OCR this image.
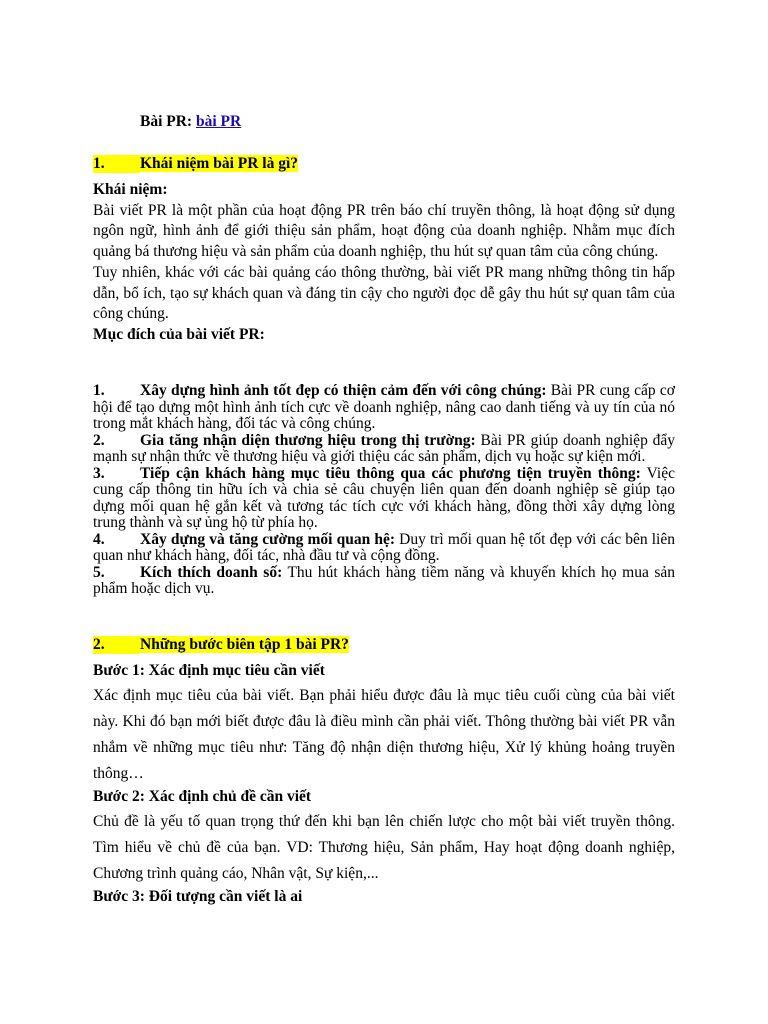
Bài PR: bài PR
1. Khái niệm bài PR là gì?

Khái niệm:

Bài viết PR là một phần của hoạt động PR trên báo chí truyền thông, là hoạt động sử dụng ngôn ngữ, hình ảnh để giới thiệu sản phẩm, hoạt động của doanh nghiệp. Nhằm mục đích quảng bá thương hiệu và sản phẩm của doanh nghiệp, thu hút sự quan tâm của công chúng.

Tuy nhiên, khác với các bài quảng cáo thông thường, bài viết PR mang những thông tin hấp dẫn, bổ ích, tạo sự khách quan và đáng tin cậy cho người đọc dễ gây thu hút sự quan tâm của công chúng.

Mục đích của bài viết PR:

1. Xây dựng hình ảnh tốt đẹp có thiện cảm đến với công chúng: Bài PR cung cấp cơ hội để tạo dựng một hình ảnh tích cực về doanh nghiệp, nâng cao danh tiếng và uy tín của nó trong mắt khách hàng, đối tác và công chúng.

2. Gia tăng nhận diện thương hiệu trong thị trường: Bài PR giúp doanh nghiệp đẩy mạnh sự nhận thức về thương hiệu và giới thiệu các sản phẩm, dịch vụ hoặc sự kiện mới.

3. Tiếp cận khách hàng mục tiêu thông qua các phương tiện truyền thông: Việc cung cấp thông tin hữu ích và chia sẻ câu chuyện liên quan đến doanh nghiệp sẽ giúp tạo dựng mối quan hệ gắn kết và tương tác tích cực với khách hàng, đồng thời xây dựng lòng trung thành và sự ủng hộ từ phía họ.

4. Xây dựng và tăng cường mối quan hệ: Duy trì mối quan hệ tốt đẹp với các bên liên quan như khách hàng, đối tác, nhà đầu tư và cộng đồng.

5. Kích thích doanh số: Thu hút khách hàng tiềm năng và khuyến khích họ mua sản phẩm hoặc dịch vụ.

2. Những bước biên tập 1 bài PR?
Bước 1: Xác định mục tiêu cần viết
Xác định mục tiêu của bài viết. Bạn phải hiểu được đâu là mục tiêu cuối cùng của bài viết này. Khi đó bạn mới biết được đâu là điều mình cần phải viết. Thông thường bài viết PR vẫn nhắm về những mục tiêu như: Tăng độ nhận diện thương hiệu, Xử lý khủng hoảng truyền thông…
Bước 2: Xác định chủ đề cần viết
Chủ đề là yếu tố quan trọng thứ đến khi bạn lên chiến lược cho một bài viết truyền thông. Tìm hiểu về chủ đề của bạn. VD: Thương hiệu, Sản phẩm, Hay hoạt động doanh nghiệp, Chương trình quảng cáo, Nhân vật, Sự kiện,...
Bước 3: Đối tượng cần viết là ai
